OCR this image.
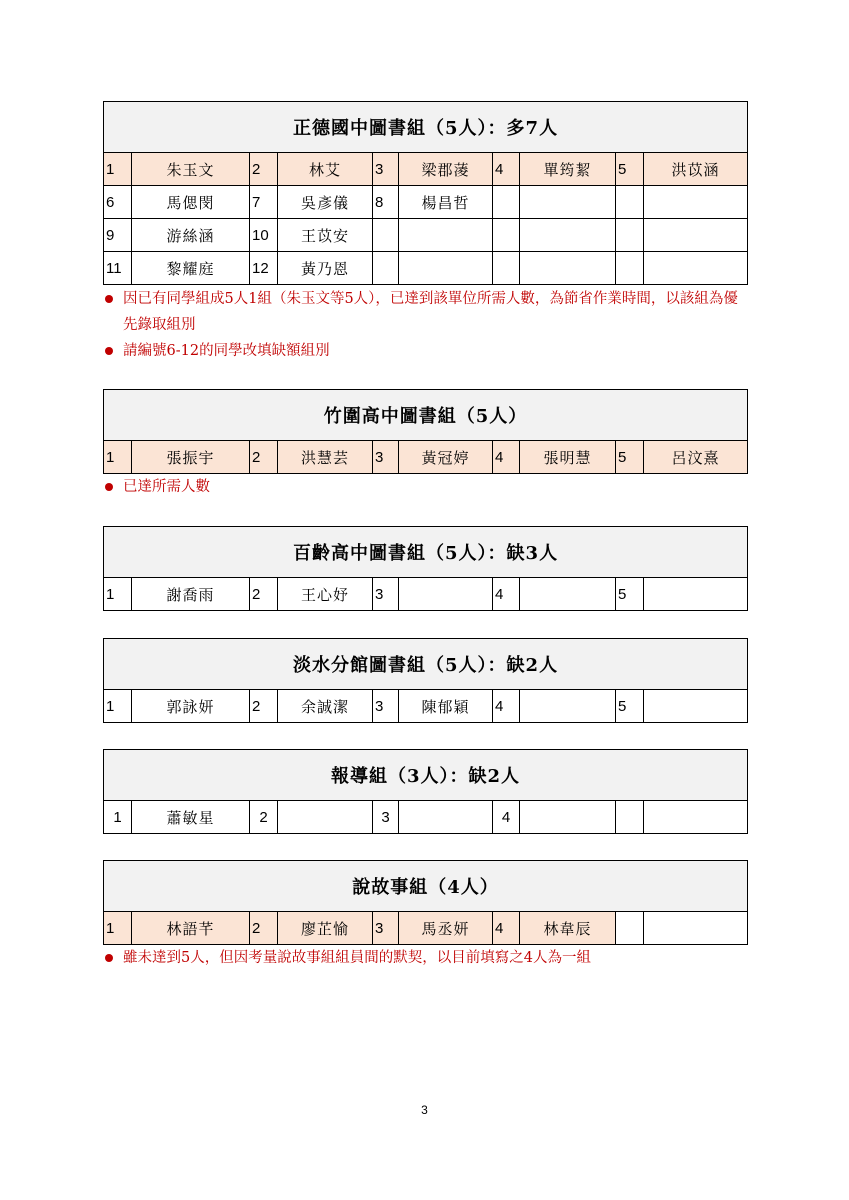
正德國中圖書組（5人）：多7人									
1	朱玉文	2	林艾	3	梁郡蓤	4	單筠絜	5	洪苡涵
6	馬偲閔	7	吳彥儀	8	楊昌哲				
9	游絲涵	10	王苡安						
11	黎耀庭	12	黃乃恩						
因已有同學組成5人1組（朱玉文等5人），已達到該單位所需人數，為節省作業時間，以該組為優先錄取組別
請編號6-12的同學改填缺額組別
竹圍高中圖書組（5人）
1	張振宇	2	洪慧芸	3	黃冠婷	4	張明慧	5	呂汶熹
已達所需人數
百齡高中圖書組（5人）：缺3人
1	謝喬雨	2	王心妤	3		4		5	
淡水分館圖書組（5人）：缺2人
1	郭詠妍	2	余誠潔	3	陳郁穎	4		5	
報導組（3人）：缺2人
1	蕭敏星	2		3		4			
說故事組（4人）
1	林語芊	2	廖芷愉	3	馬丞妍	4	林韋辰		
雖未達到5人，但因考量說故事組組員間的默契，以目前填寫之4人為一組
3
